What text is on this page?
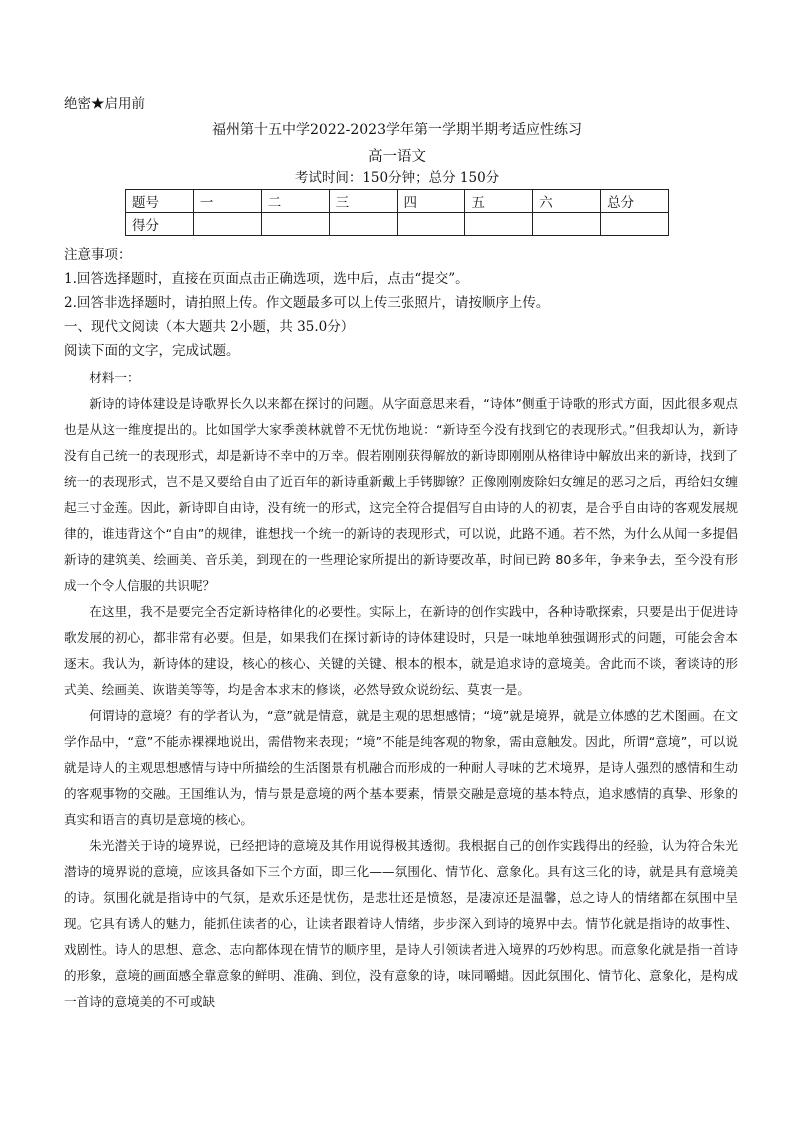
绝密★启用前
福州第十五中学2022-2023学年第一学期半期考适应性练习
高一语文
考试时间：150分钟；总分 150分
题号	一	二	三	四	五	六	总分
得分							
注意事项：
1.回答选择题时，直接在页面点击正确选项，选中后，点击“提交”。
2.回答非选择题时，请拍照上传。作文题最多可以上传三张照片，请按顺序上传。
一、现代文阅读（本大题共 2小题，共 35.0分）
阅读下面的文字，完成试题。

材料一：

新诗的诗体建设是诗歌界长久以来都在探讨的问题。从字面意思来看，“诗体”侧重于诗歌的形式方面，因此很多观点也是从这一维度提出的。比如国学大家季羡林就曾不无忧伤地说：“新诗至今没有找到它的表现形式。”但我却认为，新诗没有自己统一的表现形式，却是新诗不幸中的万幸。假若刚刚获得解放的新诗即刚刚从格律诗中解放出来的新诗，找到了统一的表现形式，岂不是又要给自由了近百年的新诗重新戴上手铐脚镣？正像刚刚废除妇女缠足的恶习之后，再给妇女缠起三寸金莲。因此，新诗即自由诗，没有统一的形式，这完全符合提倡写自由诗的人的初衷，是合乎自由诗的客观发展规律的，谁违背这个“自由”的规律，谁想找一个统一的新诗的表现形式，可以说，此路不通。若不然，为什么从闻一多提倡新诗的建筑美、绘画美、音乐美，到现在的一些理论家所提出的新诗要改革，时间已跨 80多年，争来争去，至今没有形成一个令人信服的共识呢？

在这里，我不是要完全否定新诗格律化的必要性。实际上，在新诗的创作实践中，各种诗歌探索，只要是出于促进诗歌发展的初心，都非常有必要。但是，如果我们在探讨新诗的诗体建设时，只是一味地单独强调形式的问题，可能会舍本逐末。我认为，新诗体的建设，核心的核心、关键的关键、根本的根本，就是追求诗的意境美。舍此而不谈，奢谈诗的形式美、绘画美、诙谐美等等，均是舍本求末的修谈，必然导致众说纷纭、莫衷一是。

何谓诗的意境？有的学者认为，“意”就是情意，就是主观的思想感情；“境”就是境界，就是立体感的艺术图画。在文学作品中，“意”不能赤裸裸地说出，需借物来表现；“境”不能是纯客观的物象，需由意触发。因此，所谓“意境”，可以说就是诗人的主观思想感情与诗中所描绘的生活图景有机融合而形成的一种耐人寻味的艺术境界，是诗人强烈的感情和生动的客观事物的交融。王国维认为，情与景是意境的两个基本要素，情景交融是意境的基本特点，追求感情的真挚、形象的真实和语言的真切是意境的核心。

朱光潜关于诗的境界说，已经把诗的意境及其作用说得极其透彻。我根据自己的创作实践得出的经验，认为符合朱光潜诗的境界说的意境，应该具备如下三个方面，即三化——氛围化、情节化、意象化。具有这三化的诗，就是具有意境美的诗。氛围化就是指诗中的气氛，是欢乐还是忧伤，是悲壮还是愤怒，是凄凉还是温馨，总之诗人的情绪都在氛围中呈现。它具有诱人的魅力，能抓住读者的心，让读者跟着诗人情绪，步步深入到诗的境界中去。情节化就是指诗的故事性、戏剧性。诗人的思想、意念、志向都体现在情节的顺序里，是诗人引领读者进入境界的巧妙构思。而意象化就是指一首诗的形象，意境的画面感全靠意象的鲜明、准确、到位，没有意象的诗，味同嚼蜡。因此氛围化、情节化、意象化，是构成一首诗的意境美的不可或缺
